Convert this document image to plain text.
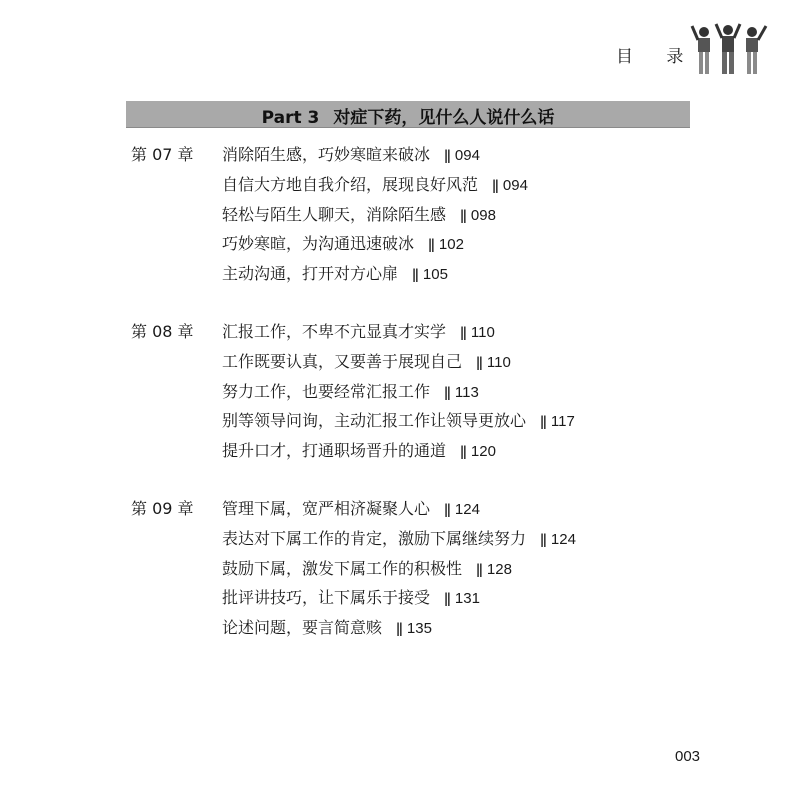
目 录
Part 3 对症下药，见什么人说什么话
第 07 章 消除陌生感，巧妙寒暄来破冰 ǁ 094
自信大方地自我介绍，展现良好风范 ǁ 094
轻松与陌生人聊天，消除陌生感 ǁ 098
巧妙寒暄，为沟通迅速破冰 ǁ 102
主动沟通，打开对方心扉 ǁ 105
第 08 章 汇报工作，不卑不亢显真才实学 ǁ 110
工作既要认真，又要善于展现自己 ǁ 110
努力工作，也要经常汇报工作 ǁ 113
别等领导问询，主动汇报工作让领导更放心 ǁ 117
提升口才，打通职场晋升的通道 ǁ 120
第 09 章 管理下属，宽严相济凝聚人心 ǁ 124
表达对下属工作的肯定，激励下属继续努力 ǁ 124
鼓励下属，激发下属工作的积极性 ǁ 128
批评讲技巧，让下属乐于接受 ǁ 131
论述问题，要言简意赅 ǁ 135
003
